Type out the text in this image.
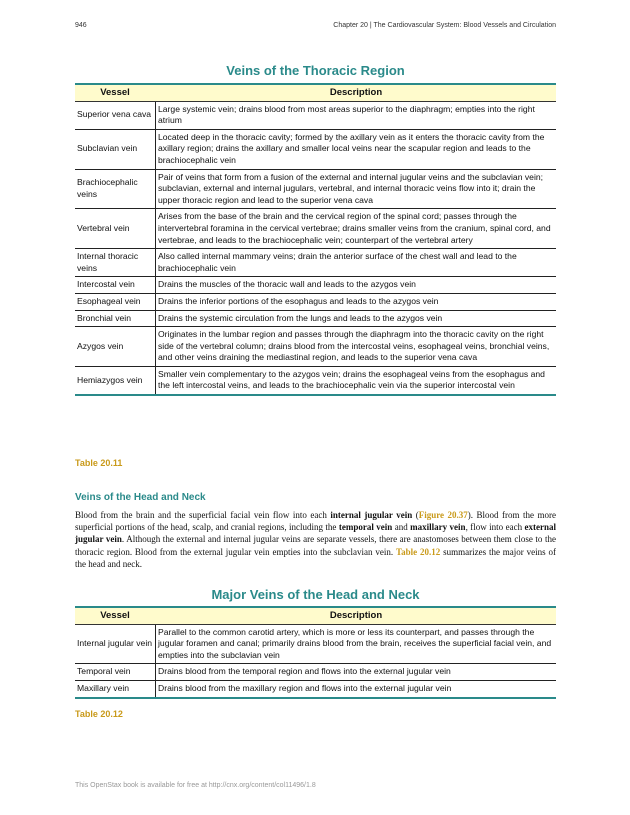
946	Chapter 20 | The Cardiovascular System: Blood Vessels and Circulation
Veins of the Thoracic Region
Vessel	Description
Superior vena cava	Large systemic vein; drains blood from most areas superior to the diaphragm; empties into the right atrium
Subclavian vein	Located deep in the thoracic cavity; formed by the axillary vein as it enters the thoracic cavity from the axillary region; drains the axillary and smaller local veins near the scapular region and leads to the brachiocephalic vein
Brachiocephalic veins	Pair of veins that form from a fusion of the external and internal jugular veins and the subclavian vein; subclavian, external and internal jugulars, vertebral, and internal thoracic veins flow into it; drain the upper thoracic region and lead to the superior vena cava
Vertebral vein	Arises from the base of the brain and the cervical region of the spinal cord; passes through the intervertebral foramina in the cervical vertebrae; drains smaller veins from the cranium, spinal cord, and vertebrae, and leads to the brachiocephalic vein; counterpart of the vertebral artery
Internal thoracic veins	Also called internal mammary veins; drain the anterior surface of the chest wall and lead to the brachiocephalic vein
Intercostal vein	Drains the muscles of the thoracic wall and leads to the azygos vein
Esophageal vein	Drains the inferior portions of the esophagus and leads to the azygos vein
Bronchial vein	Drains the systemic circulation from the lungs and leads to the azygos vein
Azygos vein	Originates in the lumbar region and passes through the diaphragm into the thoracic cavity on the right side of the vertebral column; drains blood from the intercostal veins, esophageal veins, bronchial veins, and other veins draining the mediastinal region, and leads to the superior vena cava
Hemiazygos vein	Smaller vein complementary to the azygos vein; drains the esophageal veins from the esophagus and the left intercostal veins, and leads to the brachiocephalic vein via the superior intercostal vein
Table 20.11
Veins of the Head and Neck
Blood from the brain and the superficial facial vein flow into each internal jugular vein (Figure 20.37). Blood from the more superficial portions of the head, scalp, and cranial regions, including the temporal vein and maxillary vein, flow into each external jugular vein. Although the external and internal jugular veins are separate vessels, there are anastomoses between them close to the thoracic region. Blood from the external jugular vein empties into the subclavian vein. Table 20.12 summarizes the major veins of the head and neck.
Major Veins of the Head and Neck
Vessel	Description
Internal jugular vein	Parallel to the common carotid artery, which is more or less its counterpart, and passes through the jugular foramen and canal; primarily drains blood from the brain, receives the superficial facial vein, and empties into the subclavian vein
Temporal vein	Drains blood from the temporal region and flows into the external jugular vein
Maxillary vein	Drains blood from the maxillary region and flows into the external jugular vein
Table 20.12
This OpenStax book is available for free at http://cnx.org/content/col11496/1.8
